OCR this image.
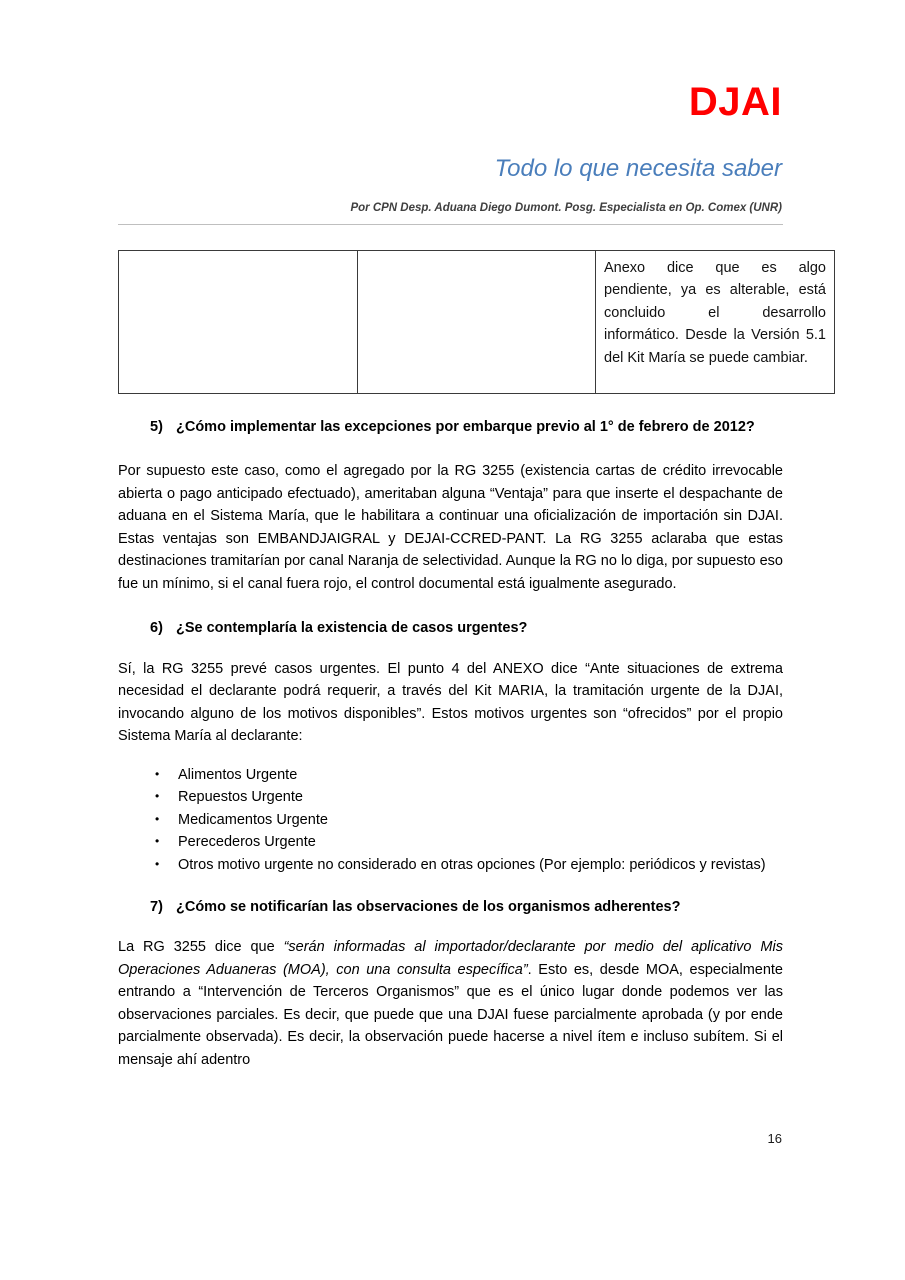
DJAI
Todo lo que necesita saber
Por CPN Desp. Aduana Diego Dumont. Posg. Especialista en Op. Comex (UNR)
		Anexo dice que es algo pendiente, ya es alterable, está concluido el desarrollo informático. Desde la Versión 5.1 del Kit María se puede cambiar.
5) ¿Cómo implementar las excepciones por embarque previo al 1° de febrero de 2012?

Por supuesto este caso, como el agregado por la RG 3255 (existencia cartas de crédito irrevocable abierta o pago anticipado efectuado), ameritaban alguna “Ventaja” para que inserte el despachante de aduana en el Sistema María, que le habilitara a continuar una oficialización de importación sin DJAI. Estas ventajas son EMBANDJAIGRAL y DEJAI-CCRED-PANT. La RG 3255 aclaraba que estas destinaciones tramitarían por canal Naranja de selectividad. Aunque la RG no lo diga, por supuesto eso fue un mínimo, si el canal fuera rojo, el control documental está igualmente asegurado.

6) ¿Se contemplaría la existencia de casos urgentes?

Sí, la RG 3255 prevé casos urgentes. El punto 4 del ANEXO dice “Ante situaciones de extrema necesidad el declarante podrá requerir, a través del Kit MARIA, la tramitación urgente de la DJAI, invocando alguno de los motivos disponibles”. Estos motivos urgentes son “ofrecidos” por el propio Sistema María al declarante:

• Alimentos Urgente
• Repuestos Urgente
• Medicamentos Urgente
• Perecederos Urgente
• Otros motivo urgente no considerado en otras opciones (Por ejemplo: periódicos y revistas)
7) ¿Cómo se notificarían las observaciones de los organismos adherentes?

La RG 3255 dice que “serán informadas al importador/declarante por medio del aplicativo Mis Operaciones Aduaneras (MOA), con una consulta específica”. Esto es, desde MOA, especialmente entrando a “Intervención de Terceros Organismos” que es el único lugar donde podemos ver las observaciones parciales. Es decir, que puede que una DJAI fuese parcialmente aprobada (y por ende parcialmente observada). Es decir, la observación puede hacerse a nivel ítem e incluso subítem. Si el mensaje ahí adentro

16
